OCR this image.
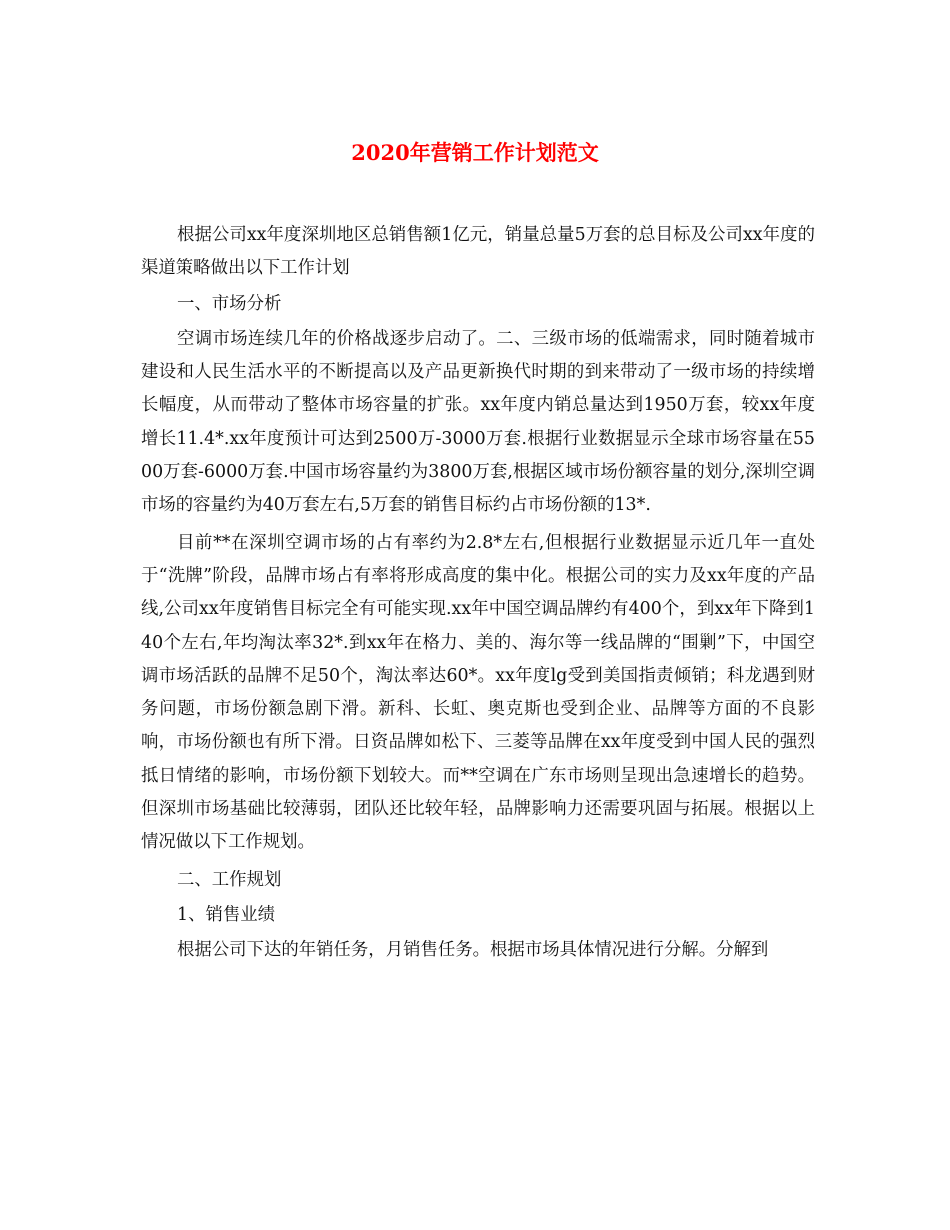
2020年营销工作计划范文

根据公司xx年度深圳地区总销售额1亿元，销量总量5万套的总目标及公司xx年度的渠道策略做出以下工作计划

一、市场分析

空调市场连续几年的价格战逐步启动了。二、三级市场的低端需求，同时随着城市建设和人民生活水平的不断提高以及产品更新换代时期的到来带动了一级市场的持续增长幅度，从而带动了整体市场容量的扩张。xx年度内销总量达到1950万套，较xx年度增长11.4*.xx年度预计可达到2500万-3000万套.根据行业数据显示全球市场容量在5500万套-6000万套.中国市场容量约为3800万套,根据区域市场份额容量的划分,深圳空调市场的容量约为40万套左右,5万套的销售目标约占市场份额的13*.

目前**在深圳空调市场的占有率约为2.8*左右,但根据行业数据显示近几年一直处于“洗牌”阶段，品牌市场占有率将形成高度的集中化。根据公司的实力及xx年度的产品线,公司xx年度销售目标完全有可能实现.xx年中国空调品牌约有400个，到xx年下降到140个左右,年均淘汰率32*.到xx年在格力、美的、海尔等一线品牌的“围剿”下，中国空调市场活跃的品牌不足50个，淘汰率达60*。xx年度lg受到美国指责倾销；科龙遇到财务问题，市场份额急剧下滑。新科、长虹、奥克斯也受到企业、品牌等方面的不良影响，市场份额也有所下滑。日资品牌如松下、三菱等品牌在xx年度受到中国人民的强烈抵日情绪的影响，市场份额下划较大。而**空调在广东市场则呈现出急速增长的趋势。但深圳市场基础比较薄弱，团队还比较年轻，品牌影响力还需要巩固与拓展。根据以上情况做以下工作规划。

二、工作规划

1、销售业绩

根据公司下达的年销任务，月销售任务。根据市场具体情况进行分解。分解到
